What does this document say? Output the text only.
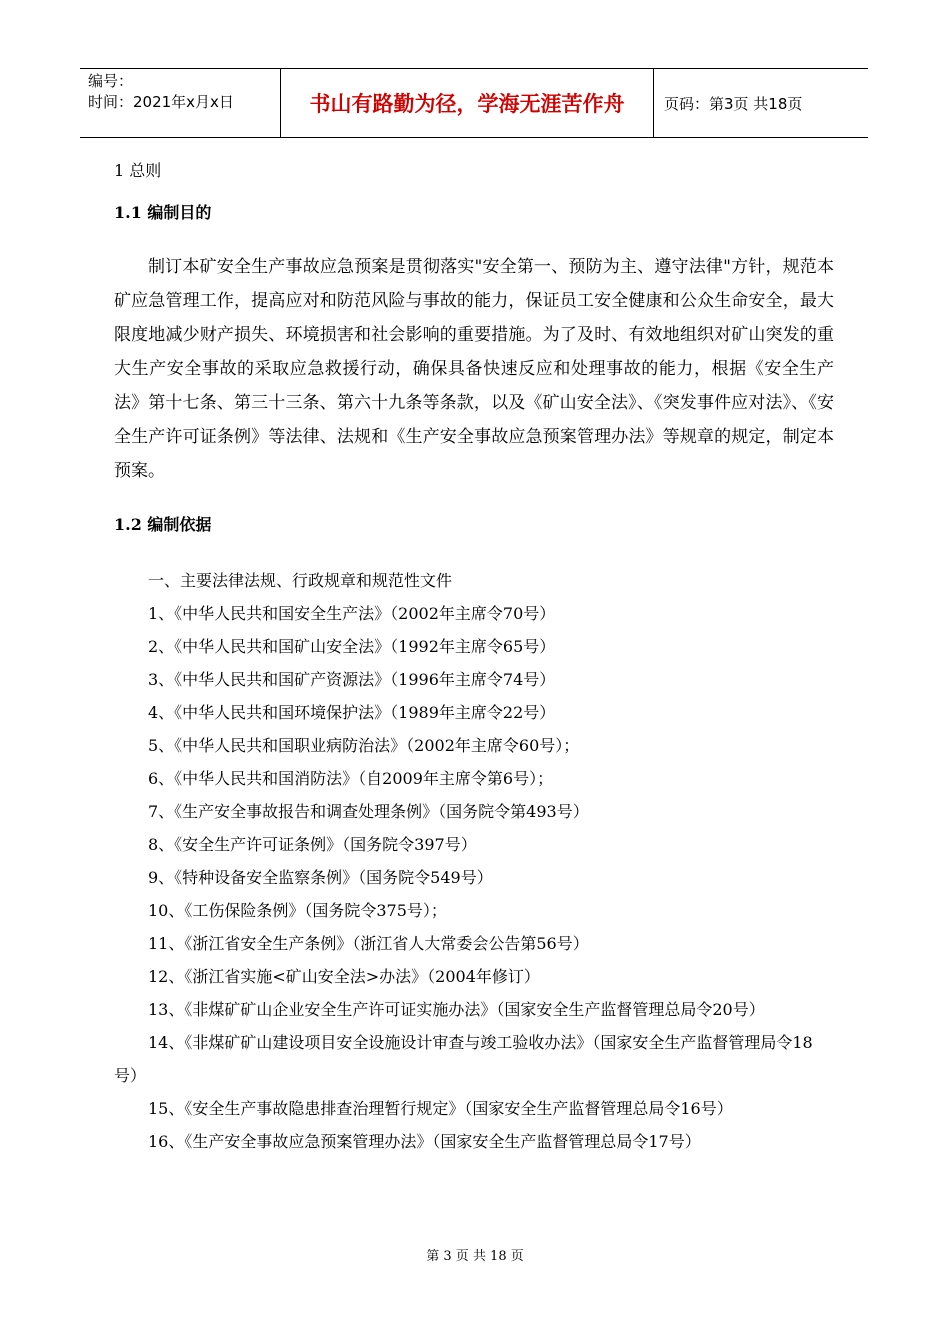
编号：
时间：2021年x月x日	书山有路勤为径，学海无涯苦作舟	页码：第3页 共18页
1 总则
1.1 编制目的

制订本矿安全生产事故应急预案是贯彻落实"安全第一、预防为主、遵守法律"方针，规范本矿应急管理工作，提高应对和防范风险与事故的能力，保证员工安全健康和公众生命安全，最大限度地减少财产损失、环境损害和社会影响的重要措施。为了及时、有效地组织对矿山突发的重大生产安全事故的采取应急救援行动，确保具备快速反应和处理事故的能力，根据《安全生产法》第十七条、第三十三条、第六十九条等条款，以及《矿山安全法》、《突发事件应对法》、《安全生产许可证条例》等法律、法规和《生产安全事故应急预案管理办法》等规章的规定，制定本预案。

1.2 编制依据
一、主要法律法规、行政规章和规范性文件
1、《中华人民共和国安全生产法》（2002年主席令70号）
2、《中华人民共和国矿山安全法》（1992年主席令65号）
3、《中华人民共和国矿产资源法》（1996年主席令74号）
4、《中华人民共和国环境保护法》（1989年主席令22号）
5、《中华人民共和国职业病防治法》（2002年主席令60号）；
6、《中华人民共和国消防法》（自2009年主席令第6号）；
7、《生产安全事故报告和调查处理条例》（国务院令第493号）
8、《安全生产许可证条例》（国务院令397号）
9、《特种设备安全监察条例》（国务院令549号）
10、《工伤保险条例》（国务院令375号）；
11、《浙江省安全生产条例》（浙江省人大常委会公告第56号）
12、《浙江省实施<矿山安全法>办法》（2004年修订）
13、《非煤矿矿山企业安全生产许可证实施办法》（国家安全生产监督管理总局令20号）
14、《非煤矿矿山建设项目安全设施设计审查与竣工验收办法》（国家安全生产监督管理局令18号）
15、《安全生产事故隐患排查治理暂行规定》（国家安全生产监督管理总局令16号）
16、《生产安全事故应急预案管理办法》（国家安全生产监督管理总局令17号）
第 3 页 共 18 页
